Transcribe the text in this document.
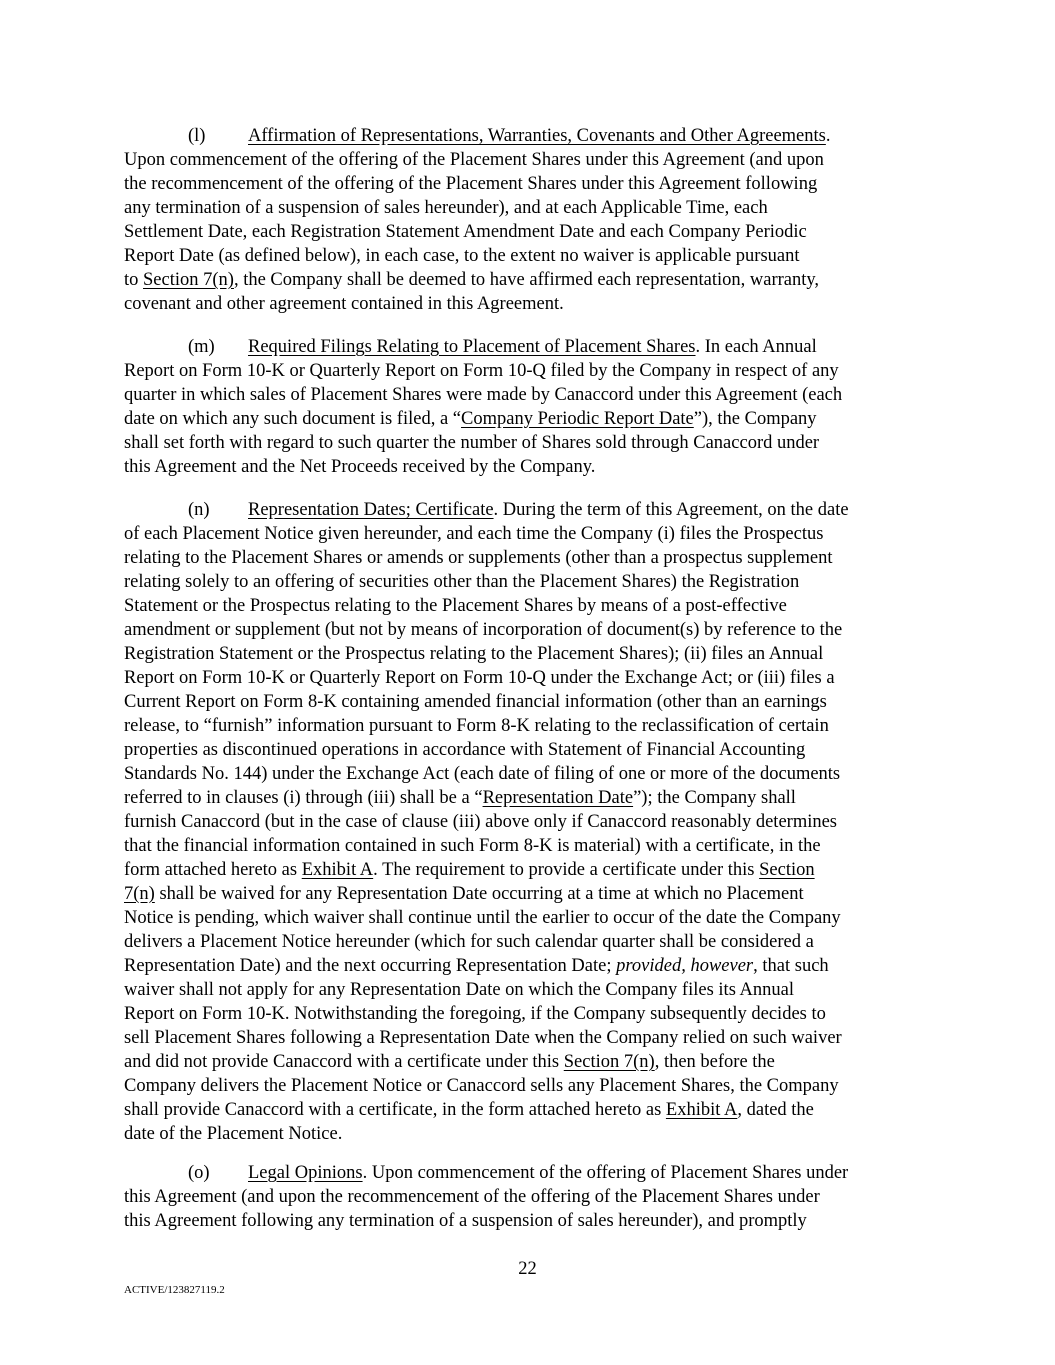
(l) Affirmation of Representations, Warranties, Covenants and Other Agreements.
Upon commencement of the offering of the Placement Shares under this Agreement (and upon
the recommencement of the offering of the Placement Shares under this Agreement following
any termination of a suspension of sales hereunder), and at each Applicable Time, each
Settlement Date, each Registration Statement Amendment Date and each Company Periodic
Report Date (as defined below), in each case, to the extent no waiver is applicable pursuant
to Section 7(n), the Company shall be deemed to have affirmed each representation, warranty,
covenant and other agreement contained in this Agreement.
(m) Required Filings Relating to Placement of Placement Shares. In each Annual
Report on Form 10-K or Quarterly Report on Form 10-Q filed by the Company in respect of any
quarter in which sales of Placement Shares were made by Canaccord under this Agreement (each
date on which any such document is filed, a “Company Periodic Report Date”), the Company
shall set forth with regard to such quarter the number of Shares sold through Canaccord under
this Agreement and the Net Proceeds received by the Company.
(n) Representation Dates; Certificate. During the term of this Agreement, on the date
of each Placement Notice given hereunder, and each time the Company (i) files the Prospectus
relating to the Placement Shares or amends or supplements (other than a prospectus supplement
relating solely to an offering of securities other than the Placement Shares) the Registration
Statement or the Prospectus relating to the Placement Shares by means of a post-effective
amendment or supplement (but not by means of incorporation of document(s) by reference to the
Registration Statement or the Prospectus relating to the Placement Shares); (ii) files an Annual
Report on Form 10-K or Quarterly Report on Form 10-Q under the Exchange Act; or (iii) files a
Current Report on Form 8-K containing amended financial information (other than an earnings
release, to “furnish” information pursuant to Form 8-K relating to the reclassification of certain
properties as discontinued operations in accordance with Statement of Financial Accounting
Standards No. 144) under the Exchange Act (each date of filing of one or more of the documents
referred to in clauses (i) through (iii) shall be a “Representation Date”); the Company shall
furnish Canaccord (but in the case of clause (iii) above only if Canaccord reasonably determines
that the financial information contained in such Form 8-K is material) with a certificate, in the
form attached hereto as Exhibit A. The requirement to provide a certificate under this Section
7(n) shall be waived for any Representation Date occurring at a time at which no Placement
Notice is pending, which waiver shall continue until the earlier to occur of the date the Company
delivers a Placement Notice hereunder (which for such calendar quarter shall be considered a
Representation Date) and the next occurring Representation Date; provided, however, that such
waiver shall not apply for any Representation Date on which the Company files its Annual
Report on Form 10-K. Notwithstanding the foregoing, if the Company subsequently decides to
sell Placement Shares following a Representation Date when the Company relied on such waiver
and did not provide Canaccord with a certificate under this Section 7(n), then before the
Company delivers the Placement Notice or Canaccord sells any Placement Shares, the Company
shall provide Canaccord with a certificate, in the form attached hereto as Exhibit A, dated the
date of the Placement Notice.
(o) Legal Opinions. Upon commencement of the offering of Placement Shares under
this Agreement (and upon the recommencement of the offering of the Placement Shares under
this Agreement following any termination of a suspension of sales hereunder), and promptly
22
ACTIVE/123827119.2
